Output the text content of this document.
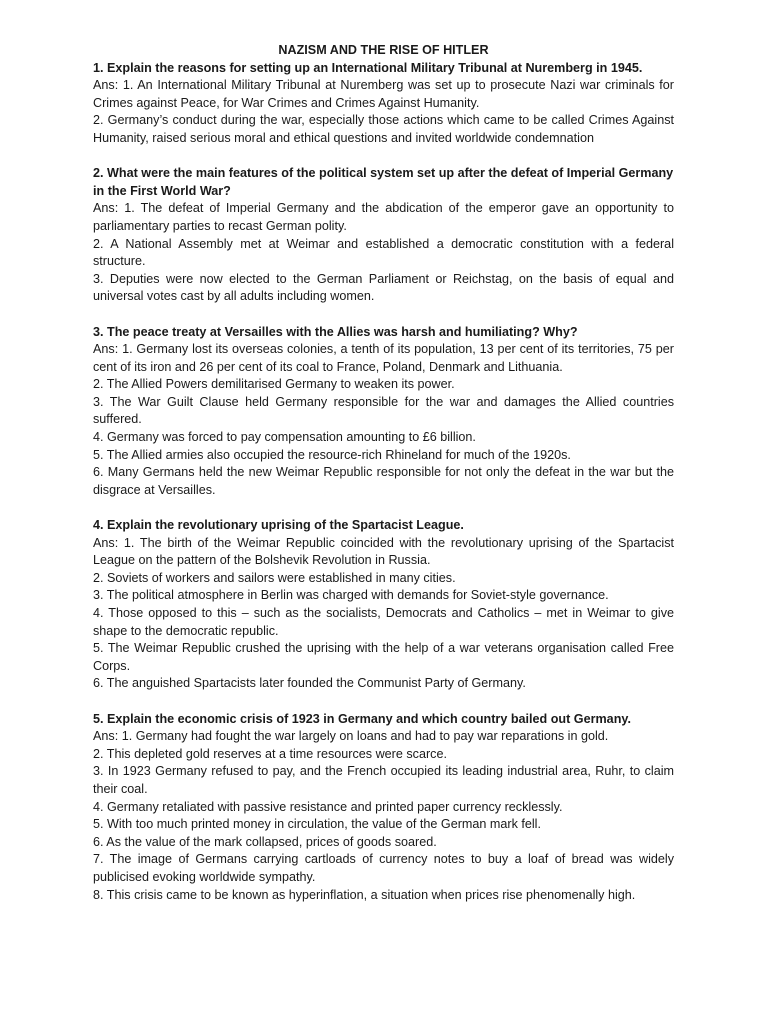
NAZISM AND THE RISE OF HITLER

1. Explain the reasons for setting up an International Military Tribunal at Nuremberg in 1945.

Ans: 1. An International Military Tribunal at Nuremberg was set up to prosecute Nazi war criminals for Crimes against Peace, for War Crimes and Crimes Against Humanity.

2. Germany’s conduct during the war, especially those actions which came to be called Crimes Against Humanity, raised serious moral and ethical questions and invited worldwide condemnation

2. What were the main features of the political system set up after the defeat of Imperial Germany in the First World War?

Ans: 1. The defeat of Imperial Germany and the abdication of the emperor gave an opportunity to parliamentary parties to recast German polity.

2. A National Assembly met at Weimar and established a democratic constitution with a federal structure.

3. Deputies were now elected to the German Parliament or Reichstag, on the basis of equal and universal votes cast by all adults including women.

3. The peace treaty at Versailles with the Allies was harsh and humiliating? Why?

Ans: 1. Germany lost its overseas colonies, a tenth of its population, 13 per cent of its territories, 75 per cent of its iron and 26 per cent of its coal to France, Poland, Denmark and Lithuania.

2. The Allied Powers demilitarised Germany to weaken its power.

3. The War Guilt Clause held Germany responsible for the war and damages the Allied countries suffered.

4. Germany was forced to pay compensation amounting to £6 billion.

5. The Allied armies also occupied the resource-rich Rhineland for much of the 1920s.

6. Many Germans held the new Weimar Republic responsible for not only the defeat in the war but the disgrace at Versailles.

4. Explain the revolutionary uprising of the Spartacist League.

Ans: 1. The birth of the Weimar Republic coincided with the revolutionary uprising of the Spartacist League on the pattern of the Bolshevik Revolution in Russia.

2. Soviets of workers and sailors were established in many cities.

3. The political atmosphere in Berlin was charged with demands for Soviet-style governance.

4. Those opposed to this – such as the socialists, Democrats and Catholics – met in Weimar to give shape to the democratic republic.

5. The Weimar Republic crushed the uprising with the help of a war veterans organisation called Free Corps.

6. The anguished Spartacists later founded the Communist Party of Germany.

5. Explain the economic crisis of 1923 in Germany and which country bailed out Germany.

Ans: 1. Germany had fought the war largely on loans and had to pay war reparations in gold.

2. This depleted gold reserves at a time resources were scarce.

3. In 1923 Germany refused to pay, and the French occupied its leading industrial area, Ruhr, to claim their coal.

4. Germany retaliated with passive resistance and printed paper currency recklessly.

5. With too much printed money in circulation, the value of the German mark fell.

6. As the value of the mark collapsed, prices of goods soared.

7. The image of Germans carrying cartloads of currency notes to buy a loaf of bread was widely publicised evoking worldwide sympathy.

8. This crisis came to be known as hyperinflation, a situation when prices rise phenomenally high.
